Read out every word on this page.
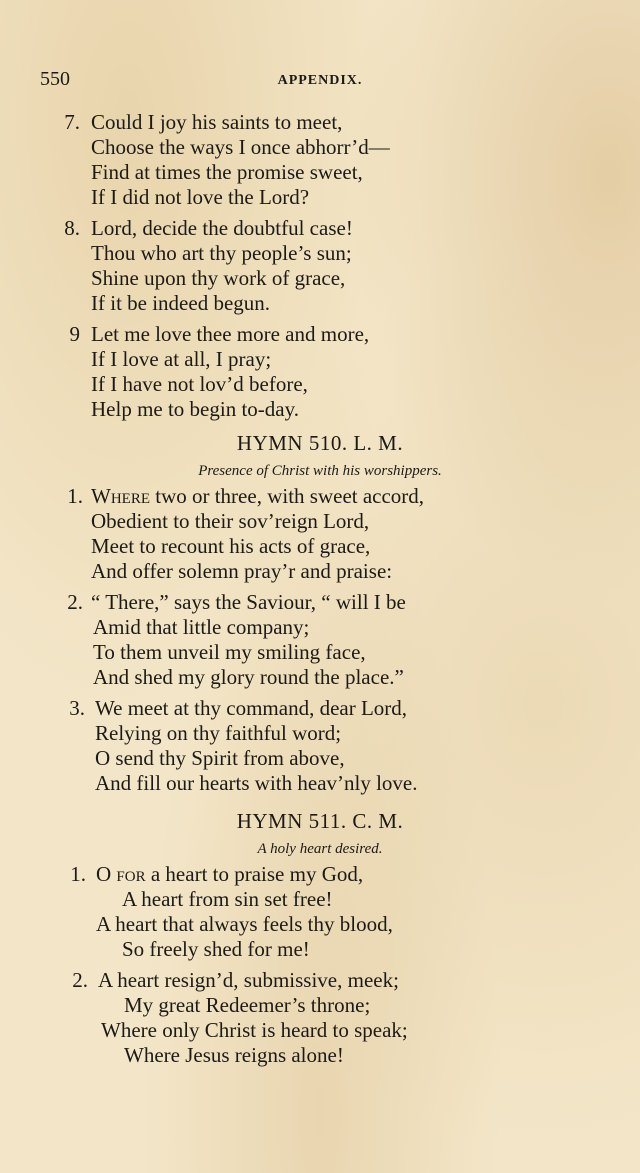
550	APPENDIX.
7. Could I joy his saints to meet,
Choose the ways I once abhorr’d—
Find at times the promise sweet,
If I did not love the Lord?
8. Lord, decide the doubtful case!
Thou who art thy people’s sun;
Shine upon thy work of grace,
If it be indeed begun.
9 Let me love thee more and more,
If I love at all, I pray;
If I have not lov’d before,
Help me to begin to-day.
HYMN 510. L. M.
Presence of Christ with his worshippers.
1. Where two or three, with sweet accord,
Obedient to their sov’reign Lord,
Meet to recount his acts of grace,
And offer solemn pray’r and praise:
2. “ There,” says the Saviour, “ will I be
Amid that little company;
To them unveil my smiling face,
And shed my glory round the place.”
3. We meet at thy command, dear Lord,
Relying on thy faithful word;
O send thy Spirit from above,
And fill our hearts with heav’nly love.
HYMN 511. C. M.
A holy heart desired.
1. O for a heart to praise my God,
A heart from sin set free!
A heart that always feels thy blood,
So freely shed for me!
2. A heart resign’d, submissive, meek;
My great Redeemer’s throne;
Where only Christ is heard to speak;
Where Jesus reigns alone!
